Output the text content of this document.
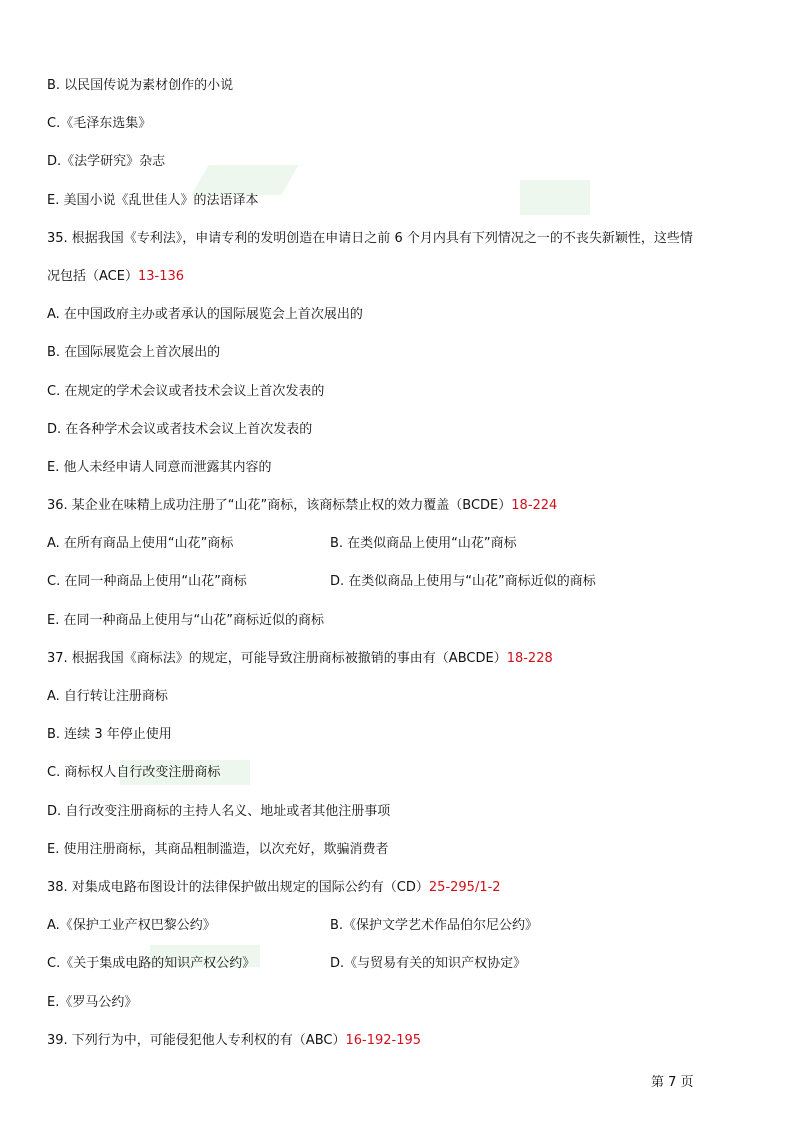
B. 以民国传说为素材创作的小说
C.《毛泽东选集》
D.《法学研究》杂志
E. 美国小说《乱世佳人》的法语译本
35. 根据我国《专利法》，申请专利的发明创造在申请日之前 6 个月内具有下列情况之一的不丧失新颖性，这些情
况包括（ACE）13-136
A. 在中国政府主办或者承认的国际展览会上首次展出的
B. 在国际展览会上首次展出的
C. 在规定的学术会议或者技术会议上首次发表的
D. 在各种学术会议或者技术会议上首次发表的
E. 他人未经申请人同意而泄露其内容的
36. 某企业在味精上成功注册了“山花”商标，该商标禁止权的效力覆盖（BCDE）18-224
A. 在所有商品上使用“山花”商标	B. 在类似商品上使用“山花”商标
C. 在同一种商品上使用“山花”商标	D. 在类似商品上使用与“山花”商标近似的商标
E. 在同一种商品上使用与“山花”商标近似的商标
37. 根据我国《商标法》的规定，可能导致注册商标被撤销的事由有（ABCDE）18-228
A. 自行转让注册商标
B. 连续 3 年停止使用
C. 商标权人自行改变注册商标
D. 自行改变注册商标的主持人名义、地址或者其他注册事项
E. 使用注册商标，其商品粗制滥造，以次充好，欺骗消费者
38. 对集成电路布图设计的法律保护做出规定的国际公约有（CD）25-295/1-2
A.《保护工业产权巴黎公约》	B.《保护文学艺术作品伯尔尼公约》
C.《关于集成电路的知识产权公约》	D.《与贸易有关的知识产权协定》
E.《罗马公约》
39. 下列行为中，可能侵犯他人专利权的有（ABC）16-192-195
第 7 页
